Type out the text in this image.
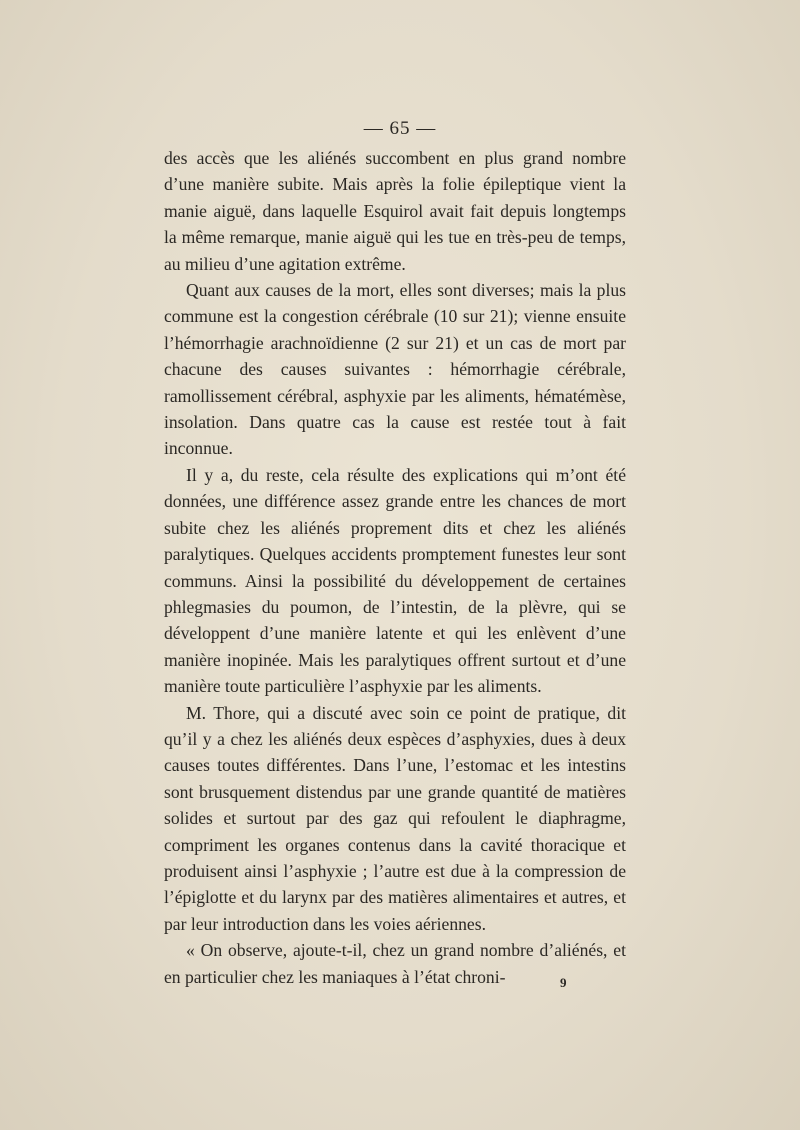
— 65 —

des accès que les aliénés succombent en plus grand nombre d’une manière subite. Mais après la folie épileptique vient la manie aiguë, dans laquelle Esquirol avait fait depuis longtemps la même remarque, manie aiguë qui les tue en très-peu de temps, au milieu d’une agitation extrême.

Quant aux causes de la mort, elles sont diverses; mais la plus commune est la congestion cérébrale (10 sur 21); vienne ensuite l’hémorrhagie arachnoïdienne (2 sur 21) et un cas de mort par chacune des causes suivantes : hémorrhagie cérébrale, ramollissement cérébral, asphyxie par les aliments, hématémèse, insolation. Dans quatre cas la cause est restée tout à fait inconnue.

Il y a, du reste, cela résulte des explications qui m’ont été données, une différence assez grande entre les chances de mort subite chez les aliénés proprement dits et chez les aliénés paralytiques. Quelques accidents promptement funestes leur sont communs. Ainsi la possibilité du développement de certaines phlegmasies du poumon, de l’intestin, de la plèvre, qui se développent d’une manière latente et qui les enlèvent d’une manière inopinée. Mais les paralytiques offrent surtout et d’une manière toute particulière l’asphyxie par les aliments.

M. Thore, qui a discuté avec soin ce point de pratique, dit qu’il y a chez les aliénés deux espèces d’asphyxies, dues à deux causes toutes différentes. Dans l’une, l’estomac et les intestins sont brusquement distendus par une grande quantité de matières solides et surtout par des gaz qui refoulent le diaphragme, compriment les organes contenus dans la cavité thoracique et produisent ainsi l’asphyxie ; l’autre est due à la compression de l’épiglotte et du larynx par des matières alimentaires et autres, et par leur introduction dans les voies aériennes.

« On observe, ajoute-t-il, chez un grand nombre d’aliénés, et en particulier chez les maniaques à l’état chroni-	9
